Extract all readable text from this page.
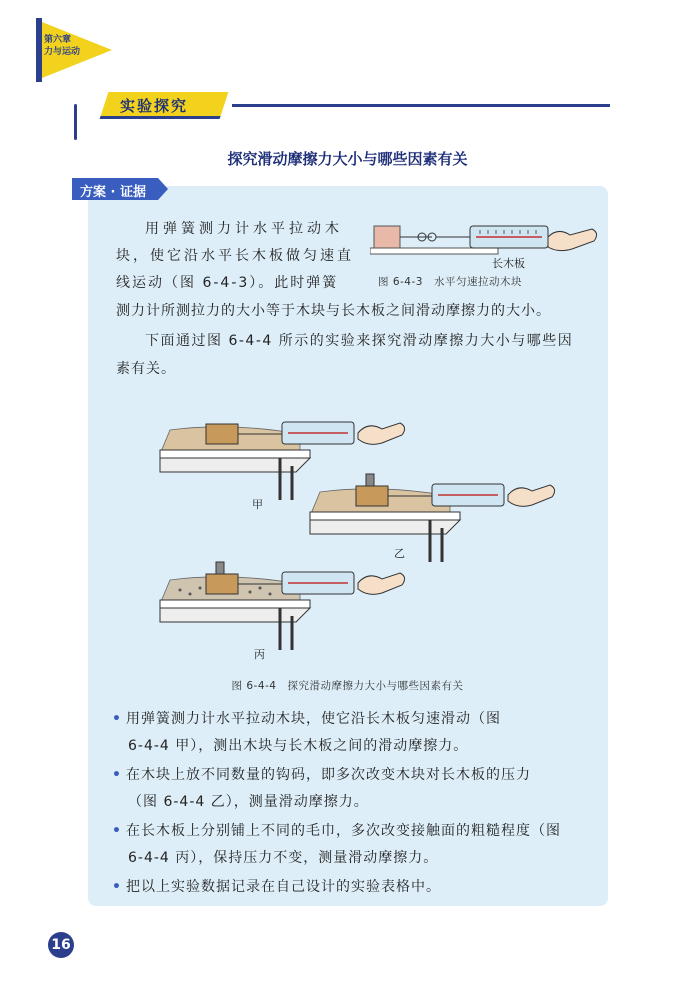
第六章
力与运动
实验探究
探究滑动摩擦力大小与哪些因素有关
方案 · 证据
用弹簧测力计水平拉动木
块，使它沿水平长木板做匀速直
线运动（图 6-4-3）。此时弹簧
测力计所测拉力的大小等于木块与长木板之间滑动摩擦力的大小。
下面通过图 6-4-4 所示的实验来探究滑动摩擦力大小与哪些因
素有关。
长木板
图 6-4-3　水平匀速拉动木块
甲
乙
丙
图 6-4-4　探究滑动摩擦力大小与哪些因素有关
• 用弹簧测力计水平拉动木块，使它沿长木板匀速滑动（图
6-4-4 甲），测出木块与长木板之间的滑动摩擦力。
• 在木块上放不同数量的钩码，即多次改变木块对长木板的压力
（图 6-4-4 乙），测量滑动摩擦力。
• 在长木板上分别铺上不同的毛巾，多次改变接触面的粗糙程度（图
6-4-4 丙），保持压力不变，测量滑动摩擦力。
• 把以上实验数据记录在自己设计的实验表格中。
16
